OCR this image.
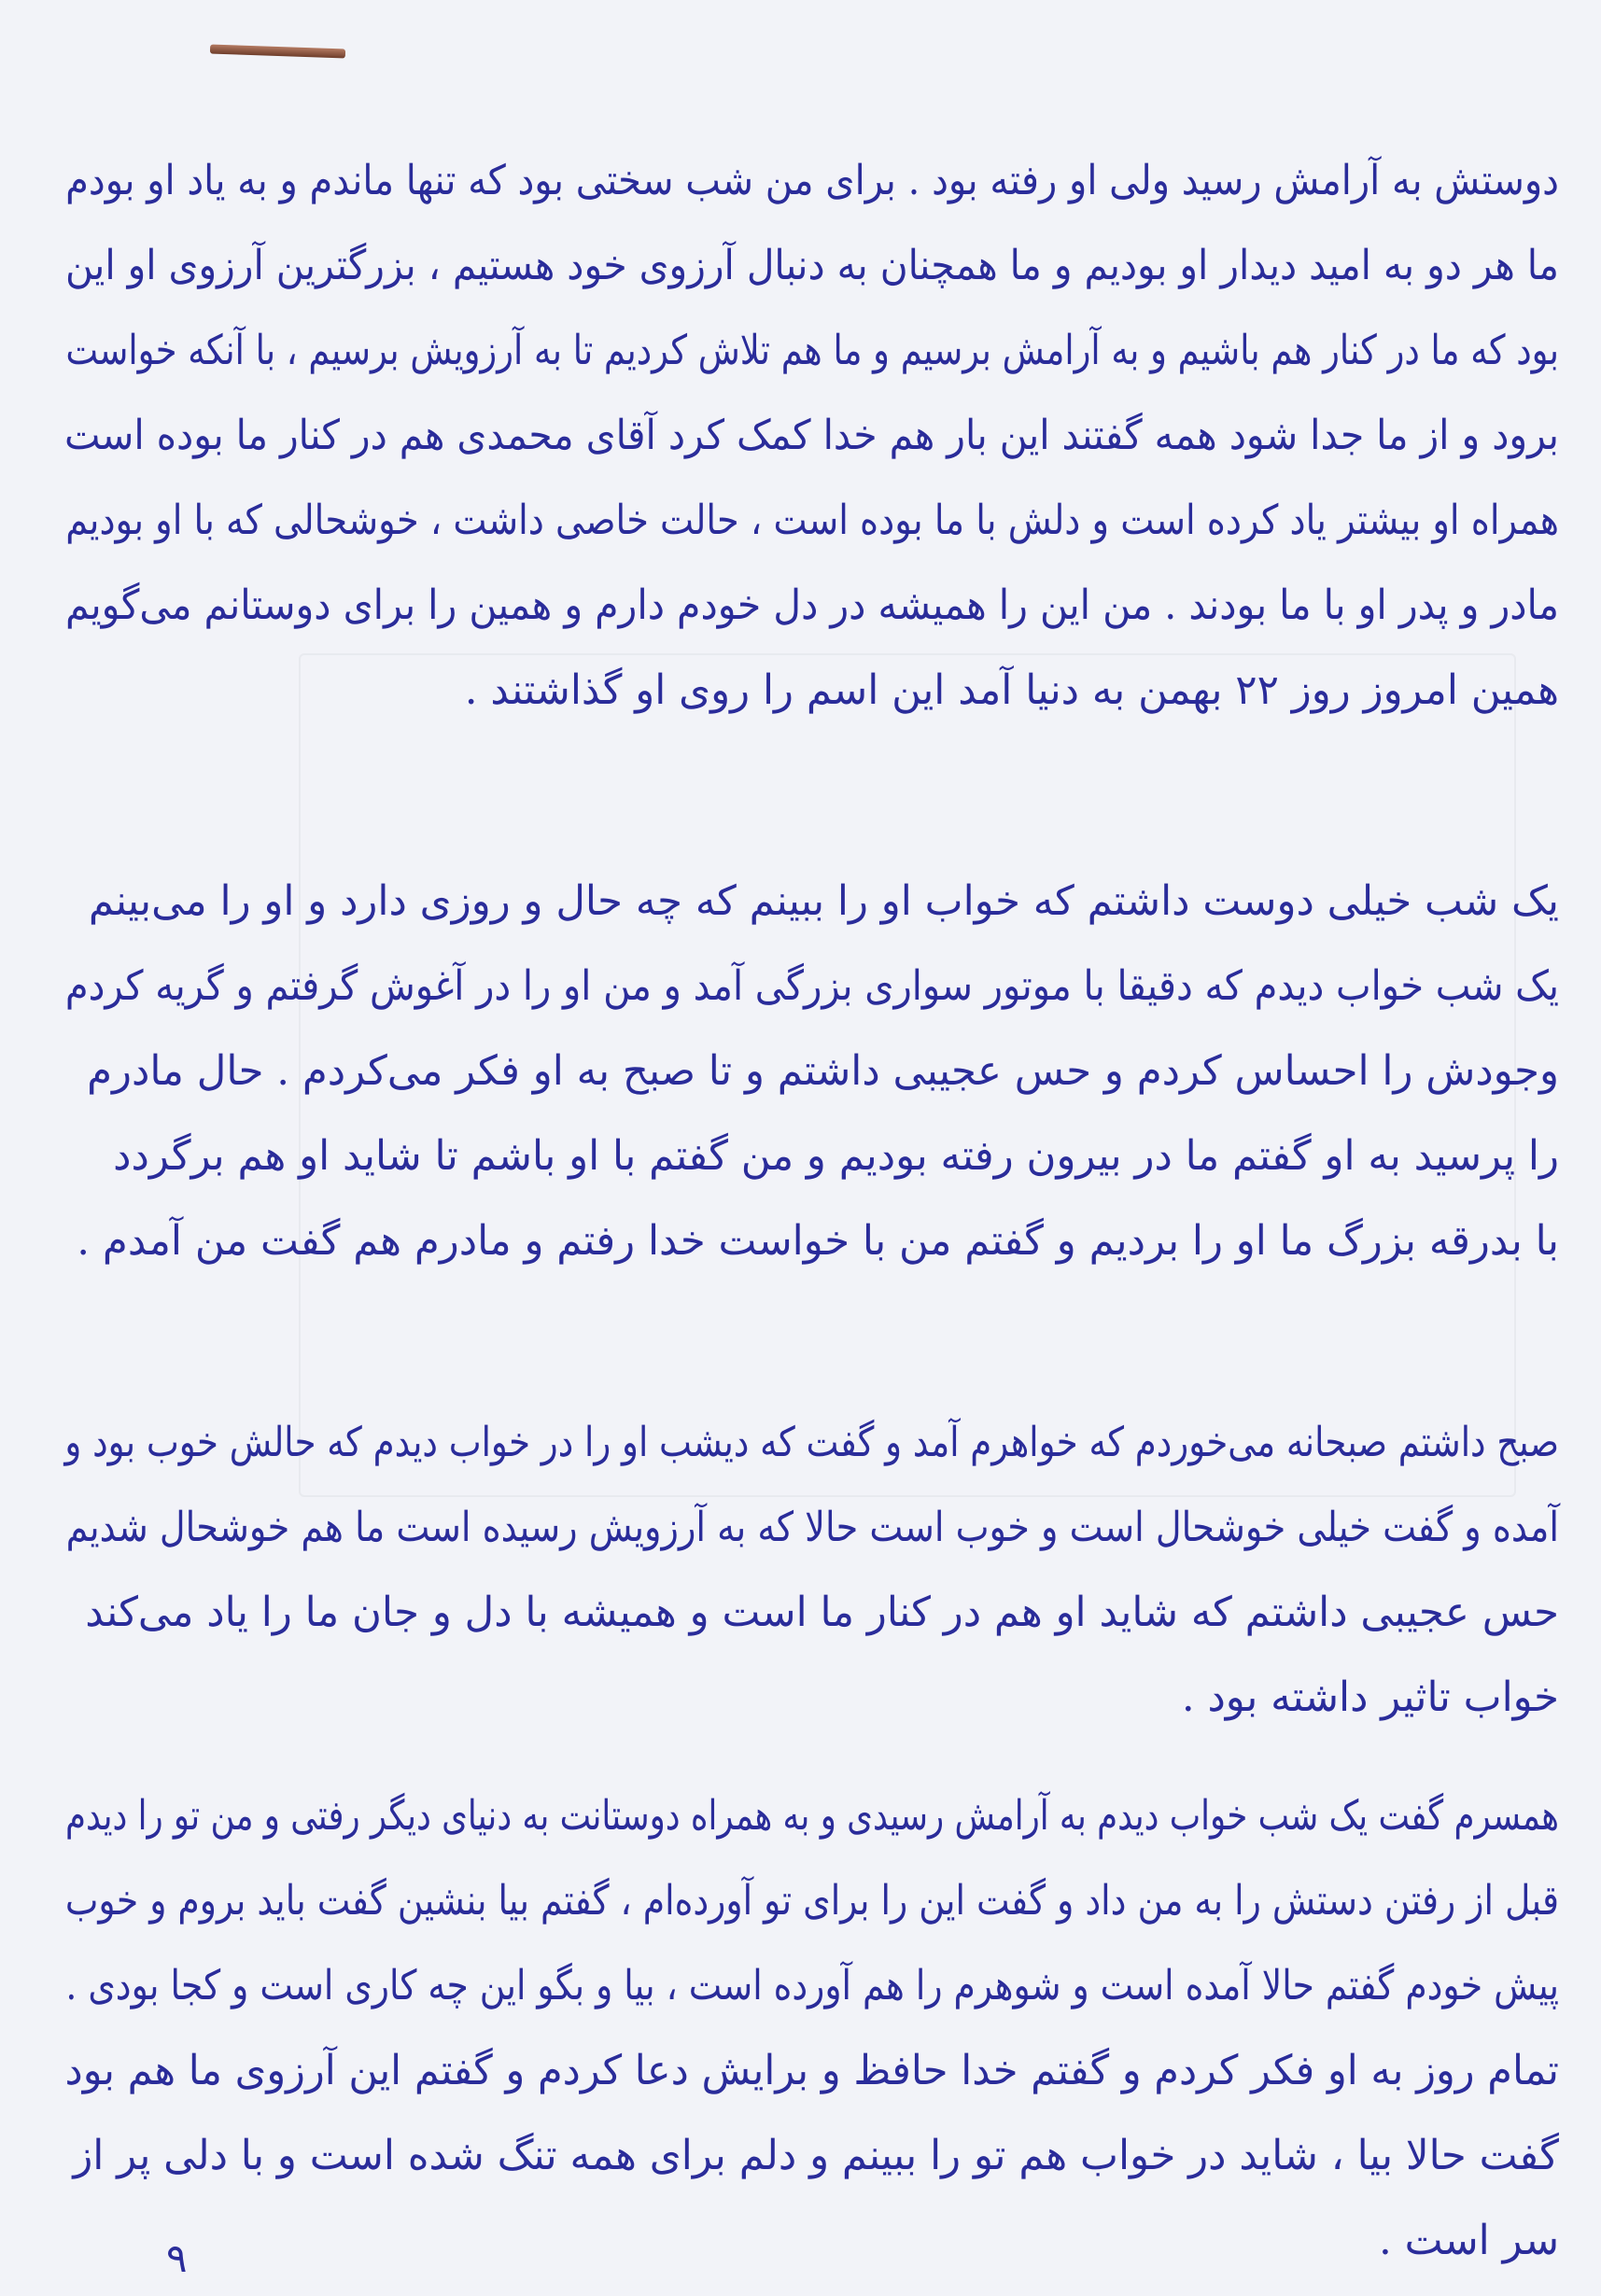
دوستش به آرامش رسید ولی او رفته بود . برای من شب سختی بود که تنها ماندم و به یاد او بودم
ما هر دو به امید دیدار او بودیم و ما همچنان به دنبال آرزوی خود هستیم ، بزرگترین آرزوی او این
بود که ما در کنار هم باشیم و به آرامش برسیم و ما هم تلاش کردیم تا به آرزویش برسیم ، با آنکه خواست
برود و از ما جدا شود همه گفتند این بار هم خدا کمک کرد آقای محمدی هم در کنار ما بوده است
همراه او بیشتر یاد کرده است و دلش با ما بوده است ، حالت خاصی داشت ، خوشحالی که با او بودیم
مادر و پدر او با ما بودند . من این را همیشه در دل خودم دارم و همین را برای دوستانم می‌گویم
همین امروز روز ۲۲ بهمن به دنیا آمد این اسم را روی او گذاشتند .
یک شب خیلی دوست داشتم که خواب او را ببینم که چه حال و روزی دارد و او را می‌بینم
یک شب خواب دیدم که دقیقا با موتور سواری بزرگی آمد و من او را در آغوش گرفتم و گریه کردم
وجودش را احساس کردم و حس عجیبی داشتم و تا صبح به او فکر می‌کردم . حال مادرم
را پرسید به او گفتم ما در بیرون رفته بودیم و من گفتم با او باشم تا شاید او هم برگردد
با بدرقه بزرگ ما او را بردیم و گفتم من با خواست خدا رفتم و مادرم هم گفت من آمدم .
صبح داشتم صبحانه می‌خوردم که خواهرم آمد و گفت که دیشب او را در خواب دیدم که حالش خوب بود و
آمده و گفت خیلی خوشحال است و خوب است حالا که به آرزویش رسیده است ما هم خوشحال شدیم
حس عجیبی داشتم که شاید او هم در کنار ما است و همیشه با دل و جان ما را یاد می‌کند
خواب تاثیر داشته بود .
همسرم گفت یک شب خواب دیدم به آرامش رسیدی و به همراه دوستانت به دنیای دیگر رفتی و من تو را دیدم
قبل از رفتن دستش را به من داد و گفت این را برای تو آورده‌ام ، گفتم بیا بنشین گفت باید بروم و خوب
پیش خودم گفتم حالا آمده است و شوهرم را هم آورده است ، بیا و بگو این چه کاری است و کجا بودی .
تمام روز به او فکر کردم و گفتم خدا حافظ و برایش دعا کردم و گفتم این آرزوی ما هم بود
گفت حالا بیا ، شاید در خواب هم تو را ببینم و دلم برای همه تنگ شده است و با دلی پر از
سر است .
٩
